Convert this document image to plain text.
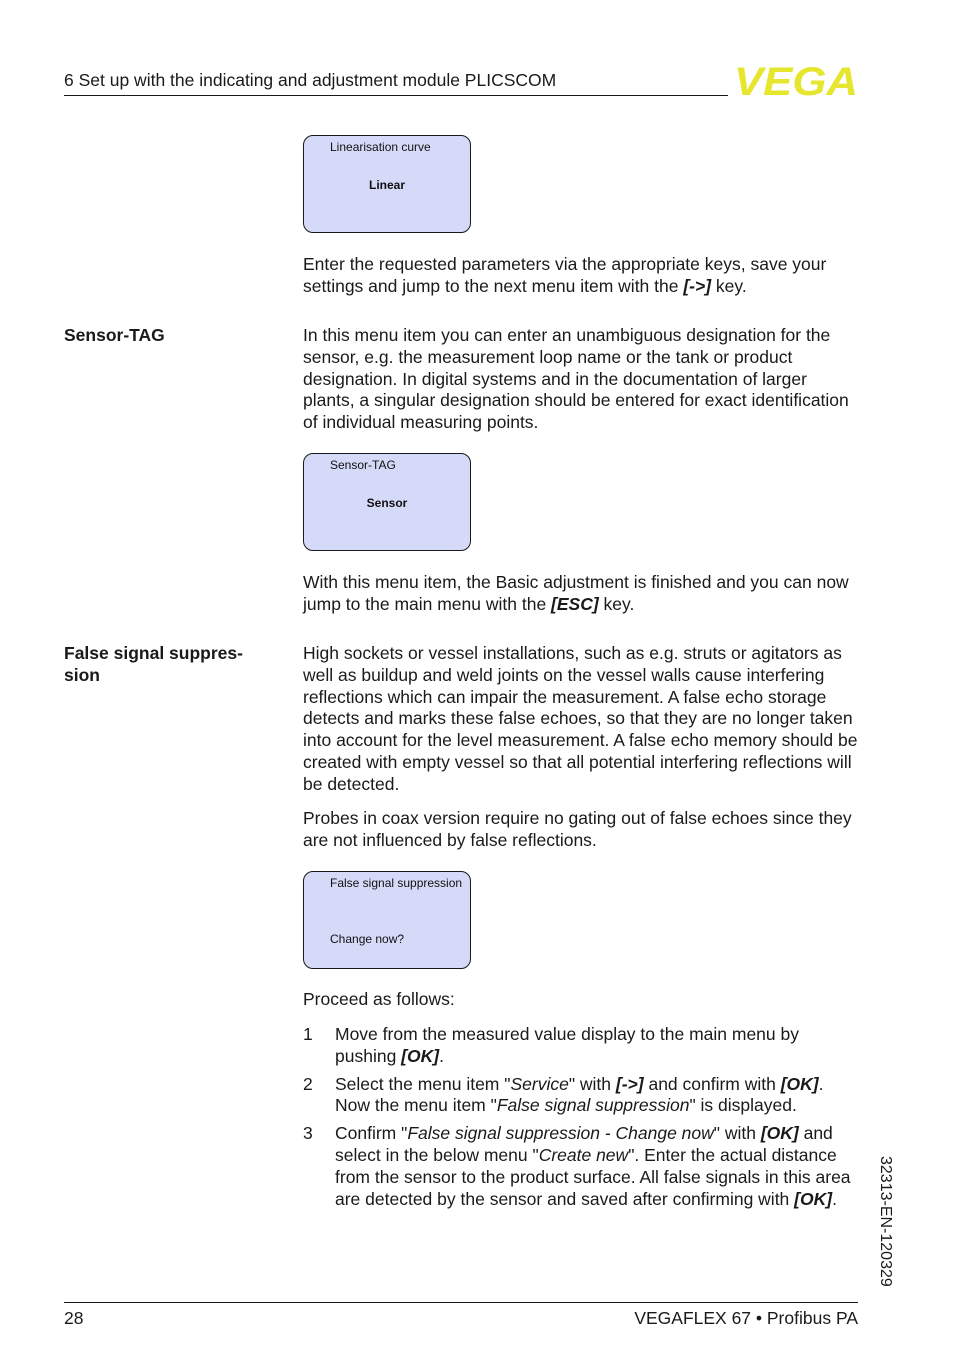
6 Set up with the indicating and adjustment module PLICSCOM	VEGA
Linearisation curve
Linear

Enter the requested parameters via the appropriate keys, save your settings and jump to the next menu item with the [->] key.

Sensor-TAG	In this menu item you can enter an unambiguous designation for the sensor, e.g. the measurement loop name or the tank or product designation. In digital systems and in the documentation of larger plants, a singular designation should be entered for exact identification of individual measuring points.

Sensor-TAG
Sensor

With this menu item, the Basic adjustment is finished and you can now jump to the main menu with the [ESC] key.

False signal suppres-
sion

High sockets or vessel installations, such as e.g. struts or agitators as well as buildup and weld joints on the vessel walls cause interfering reflections which can impair the measurement. A false echo storage detects and marks these false echoes, so that they are no longer taken into account for the level measurement. A false echo memory should be created with empty vessel so that all potential interfering reflections will be detected.

Probes in coax version require no gating out of false echoes since they are not influenced by false reflections.

False signal suppression
Change now?
Proceed as follows:
1 Move from the measured value display to the main menu by pushing [OK].
2 Select the menu item "Service" with [->] and confirm with [OK]. Now the menu item "False signal suppression" is displayed.
3 Confirm "False signal suppression - Change now" with [OK] and select in the below menu "Create new". Enter the actual distance from the sensor to the product surface. All false signals in this area are detected by the sensor and saved after confirming with [OK].	32313-EN-120329
28	VEGAFLEX 67 • Profibus PA
